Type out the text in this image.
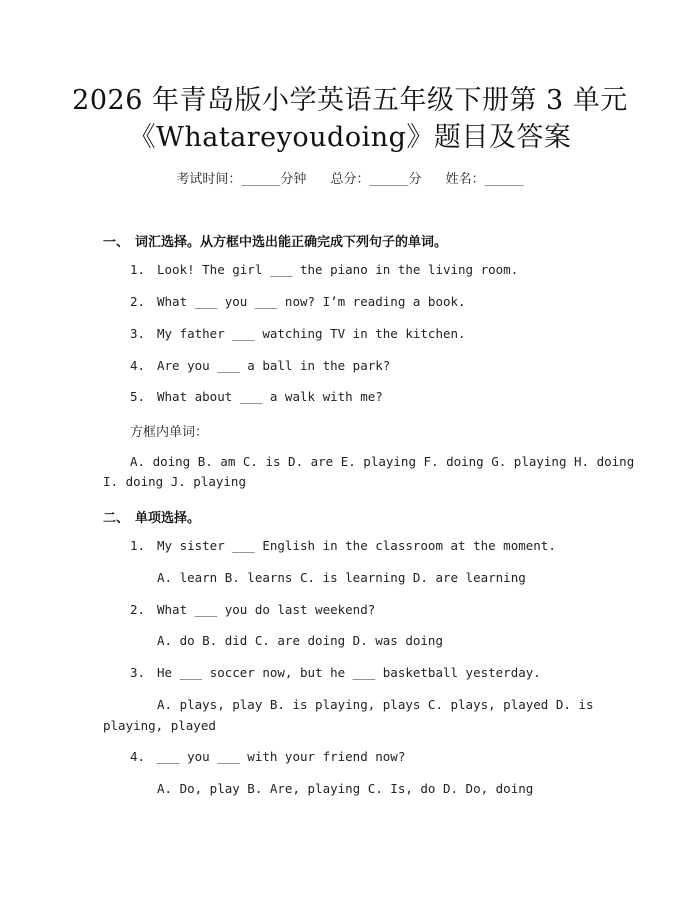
2026 年青岛版小学英语五年级下册第 3 单元
《Whatareyoudoing》题目及答案
考试时间：______分钟 总分：______分 姓名：______
一、 词汇选择。从方框中选出能正确完成下列句子的单词。
1. Look! The girl ___ the piano in the living room.
2. What ___ you ___ now? I’m reading a book.
3. My father ___ watching TV in the kitchen.
4. Are you ___ a ball in the park?
5. What about ___ a walk with me?
方框内单词：
A. doing B. am C. is D. are E. playing F. doing G. playing H. doing
I. doing J. playing
二、 单项选择。
1. My sister ___ English in the classroom at the moment.
A. learn B. learns C. is learning D. are learning
2. What ___ you do last weekend?
A. do B. did C. are doing D. was doing
3. He ___ soccer now, but he ___ basketball yesterday.
A. plays, play B. is playing, plays C. plays, played D. is
playing, played
4. ___ you ___ with your friend now?
A. Do, play B. Are, playing C. Is, do D. Do, doing
